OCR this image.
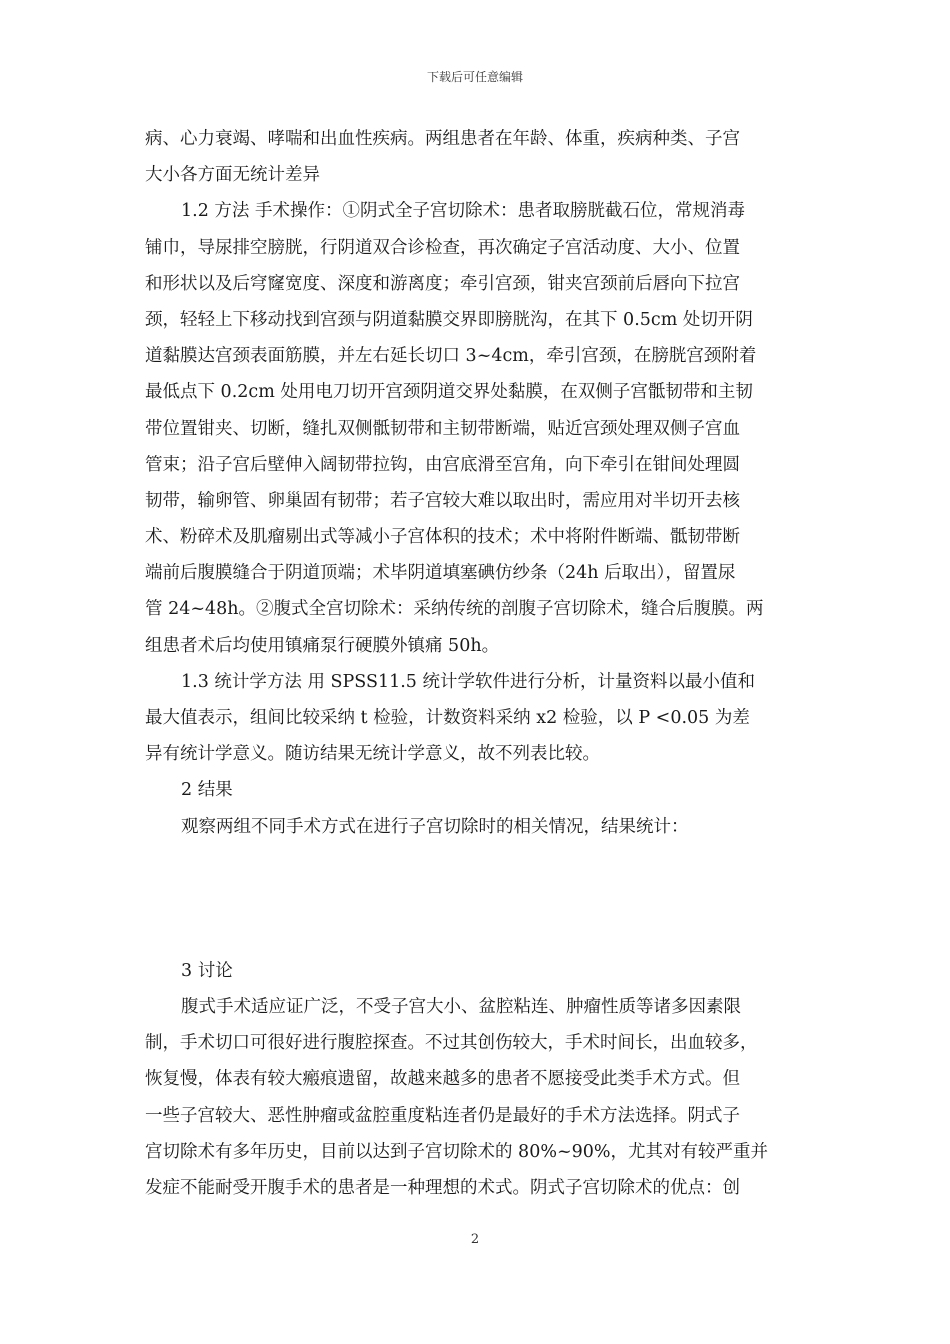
下载后可任意编辑
病、心力衰竭、哮喘和出血性疾病。两组患者在年龄、体重，疾病种类、子宫
大小各方面无统计差异
1.2 方法 手术操作：①阴式全子宫切除术：患者取膀胱截石位，常规消毒
铺巾，导尿排空膀胱，行阴道双合诊检查，再次确定子宫活动度、大小、位置
和形状以及后穹窿宽度、深度和游离度；牵引宫颈，钳夹宫颈前后唇向下拉宫
颈，轻轻上下移动找到宫颈与阴道黏膜交界即膀胱沟，在其下 0.5cm 处切开阴
道黏膜达宫颈表面筋膜，并左右延长切口 3~4cm，牵引宫颈，在膀胱宫颈附着
最低点下 0.2cm 处用电刀切开宫颈阴道交界处黏膜，在双侧子宫骶韧带和主韧
带位置钳夹、切断，缝扎双侧骶韧带和主韧带断端，贴近宫颈处理双侧子宫血
管束；沿子宫后壁伸入阔韧带拉钩，由宫底滑至宫角，向下牵引在钳间处理圆
韧带，输卵管、卵巢固有韧带；若子宫较大难以取出时，需应用对半切开去核
术、粉碎术及肌瘤剔出式等减小子宫体积的技术；术中将附件断端、骶韧带断
端前后腹膜缝合于阴道顶端；术毕阴道填塞碘仿纱条（24h 后取出），留置尿
管 24~48h。②腹式全宫切除术：采纳传统的剖腹子宫切除术，缝合后腹膜。两
组患者术后均使用镇痛泵行硬膜外镇痛 50h。
1.3 统计学方法 用 SPSS11.5 统计学软件进行分析，计量资料以最小值和
最大值表示，组间比较采纳 t 检验，计数资料采纳 x2 检验，以 P <0.05 为差
异有统计学意义。随访结果无统计学意义，故不列表比较。
2 结果
观察两组不同手术方式在进行子宫切除时的相关情况，结果统计：
3 讨论
腹式手术适应证广泛，不受子宫大小、盆腔粘连、肿瘤性质等诸多因素限
制，手术切口可很好进行腹腔探查。不过其创伤较大，手术时间长，出血较多，
恢复慢，体表有较大瘢痕遗留，故越来越多的患者不愿接受此类手术方式。但
一些子宫较大、恶性肿瘤或盆腔重度粘连者仍是最好的手术方法选择。阴式子
宫切除术有多年历史，目前以达到子宫切除术的 80%~90%，尤其对有较严重并
发症不能耐受开腹手术的患者是一种理想的术式。阴式子宫切除术的优点：创
2
